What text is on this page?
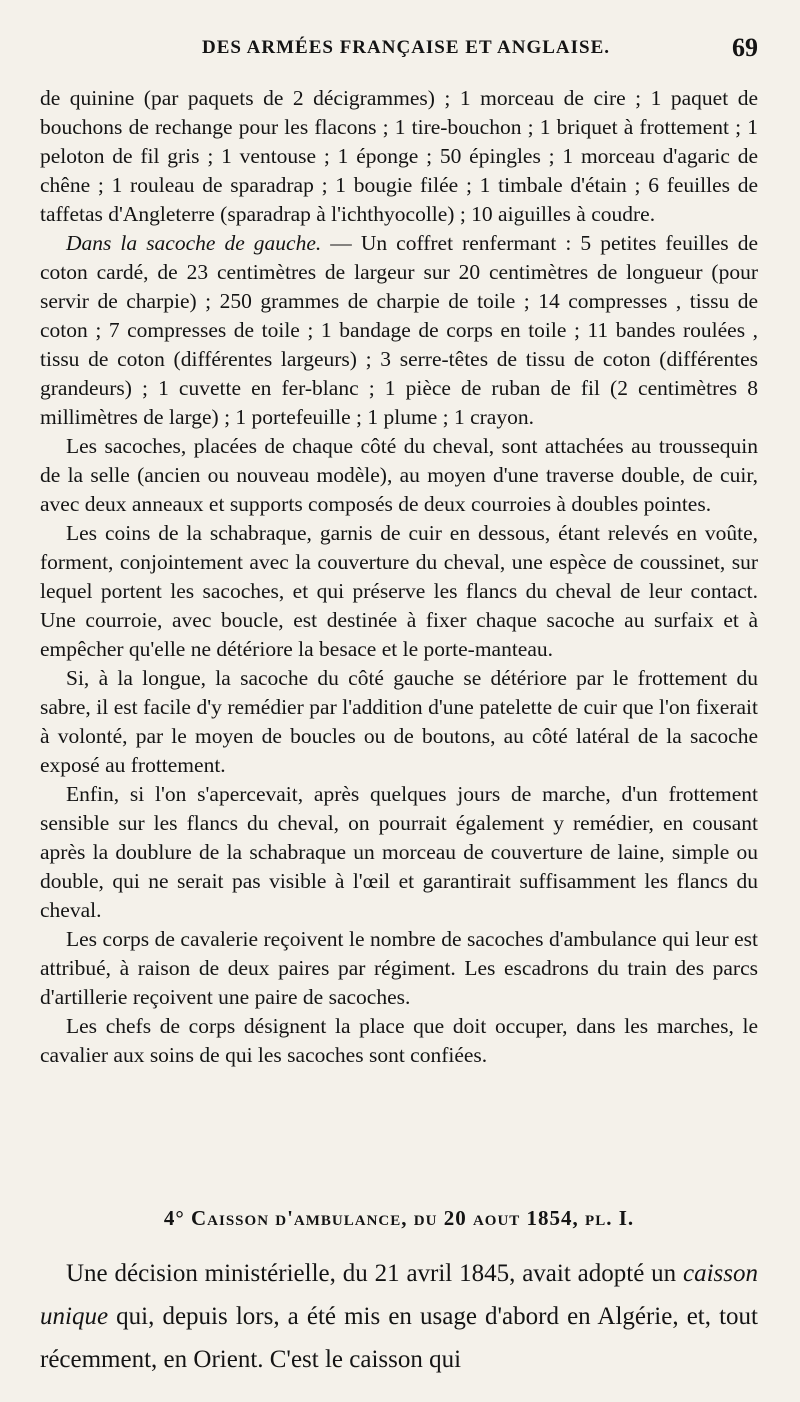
DES ARMÉES FRANÇAISE ET ANGLAISE.	69

de quinine (par paquets de 2 décigrammes) ; 1 morceau de cire ; 1 paquet de bouchons de rechange pour les flacons ; 1 tire-bouchon ; 1 briquet à frottement ; 1 peloton de fil gris ; 1 ventouse ; 1 éponge ; 50 épingles ; 1 morceau d'agaric de chêne ; 1 rouleau de sparadrap ; 1 bougie filée ; 1 timbale d'étain ; 6 feuilles de taffetas d'Angleterre (sparadrap à l'ichthyocolle) ; 10 aiguilles à coudre.

Dans la sacoche de gauche. — Un coffret renfermant : 5 petites feuilles de coton cardé, de 23 centimètres de largeur sur 20 centimètres de longueur (pour servir de charpie) ; 250 grammes de charpie de toile ; 14 compresses , tissu de coton ; 7 compresses de toile ; 1 bandage de corps en toile ; 11 bandes roulées , tissu de coton (différentes largeurs) ; 3 serre-têtes de tissu de coton (différentes grandeurs) ; 1 cuvette en fer-blanc ; 1 pièce de ruban de fil (2 centimètres 8 millimètres de large) ; 1 portefeuille ; 1 plume ; 1 crayon.

Les sacoches, placées de chaque côté du cheval, sont attachées au troussequin de la selle (ancien ou nouveau modèle), au moyen d'une traverse double, de cuir, avec deux anneaux et supports composés de deux courroies à doubles pointes.

Les coins de la schabraque, garnis de cuir en dessous, étant relevés en voûte, forment, conjointement avec la couverture du cheval, une espèce de coussinet, sur lequel portent les sacoches, et qui préserve les flancs du cheval de leur contact. Une courroie, avec boucle, est destinée à fixer chaque sacoche au surfaix et à empêcher qu'elle ne détériore la besace et le porte-manteau.

Si, à la longue, la sacoche du côté gauche se détériore par le frottement du sabre, il est facile d'y remédier par l'addition d'une patelette de cuir que l'on fixerait à volonté, par le moyen de boucles ou de boutons, au côté latéral de la sacoche exposé au frottement.

Enfin, si l'on s'apercevait, après quelques jours de marche, d'un frottement sensible sur les flancs du cheval, on pourrait également y remédier, en cousant après la doublure de la schabraque un morceau de couverture de laine, simple ou double, qui ne serait pas visible à l'œil et garantirait suffisamment les flancs du cheval.

Les corps de cavalerie reçoivent le nombre de sacoches d'ambulance qui leur est attribué, à raison de deux paires par régiment. Les escadrons du train des parcs d'artillerie reçoivent une paire de sacoches.

Les chefs de corps désignent la place que doit occuper, dans les marches, le cavalier aux soins de qui les sacoches sont confiées.

4° Caisson d'ambulance, du 20 aout 1854, pl. I.

Une décision ministérielle, du 21 avril 1845, avait adopté un caisson unique qui, depuis lors, a été mis en usage d'abord en Algérie, et, tout récemment, en Orient. C'est le caisson qui
